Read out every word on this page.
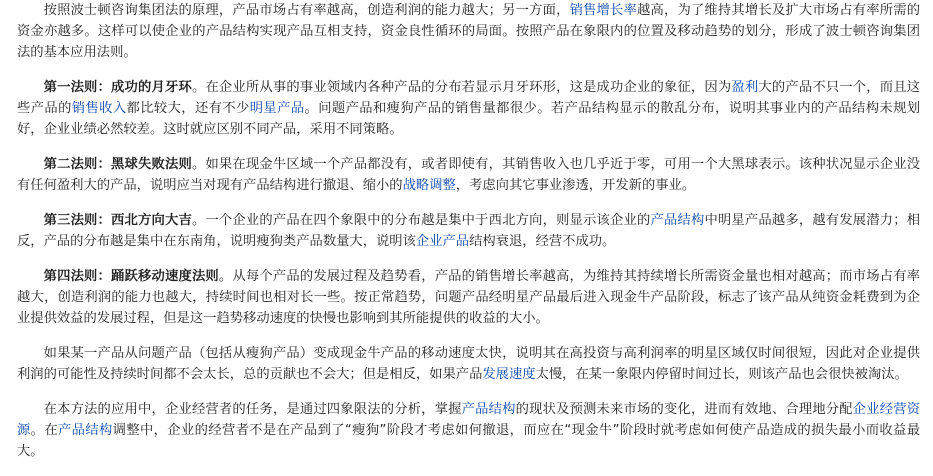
按照波士顿咨询集团法的原理，产品市场占有率越高，创造利润的能力越大；另一方面，销售增长率越高，为了维持其增长及扩大市场占有率所需的资金亦越多。这样可以使企业的产品结构实现产品互相支持，资金良性循环的局面。按照产品在象限内的位置及移动趋势的划分，形成了波士顿咨询集团法的基本应用法则。

第一法则：成功的月牙环。在企业所从事的事业领域内各种产品的分布若显示月牙环形，这是成功企业的象征，因为盈利大的产品不只一个，而且这些产品的销售收入都比较大，还有不少明星产品。问题产品和瘦狗产品的销售量都很少。若产品结构显示的散乱分布，说明其事业内的产品结构未规划好，企业业绩必然较差。这时就应区别不同产品，采用不同策略。

第二法则：黑球失败法则。如果在现金牛区域一个产品都没有，或者即使有，其销售收入也几乎近于零，可用一个大黑球表示。该种状况显示企业没有任何盈利大的产品，说明应当对现有产品结构进行撤退、缩小的战略调整，考虑向其它事业渗透，开发新的事业。

第三法则：西北方向大吉。一个企业的产品在四个象限中的分布越是集中于西北方向，则显示该企业的产品结构中明星产品越多，越有发展潜力；相反，产品的分布越是集中在东南角，说明瘦狗类产品数量大，说明该企业产品结构衰退，经营不成功。

第四法则：踊跃移动速度法则。从每个产品的发展过程及趋势看，产品的销售增长率越高，为维持其持续增长所需资金量也相对越高；而市场占有率越大，创造利润的能力也越大，持续时间也相对长一些。按正常趋势，问题产品经明星产品最后进入现金牛产品阶段，标志了该产品从纯资金耗费到为企业提供效益的发展过程，但是这一趋势移动速度的快慢也影响到其所能提供的收益的大小。

如果某一产品从问题产品（包括从瘦狗产品）变成现金牛产品的移动速度太快，说明其在高投资与高利润率的明星区域仅时间很短，因此对企业提供利润的可能性及持续时间都不会太长，总的贡献也不会大；但是相反，如果产品发展速度太慢，在某一象限内停留时间过长，则该产品也会很快被淘汰。

在本方法的应用中，企业经营者的任务，是通过四象限法的分析，掌握产品结构的现状及预测未来市场的变化，进而有效地、合理地分配企业经营资源。在产品结构调整中，企业的经营者不是在产品到了“瘦狗”阶段才考虑如何撤退，而应在“现金牛”阶段时就考虑如何使产品造成的损失最小而收益最大。
